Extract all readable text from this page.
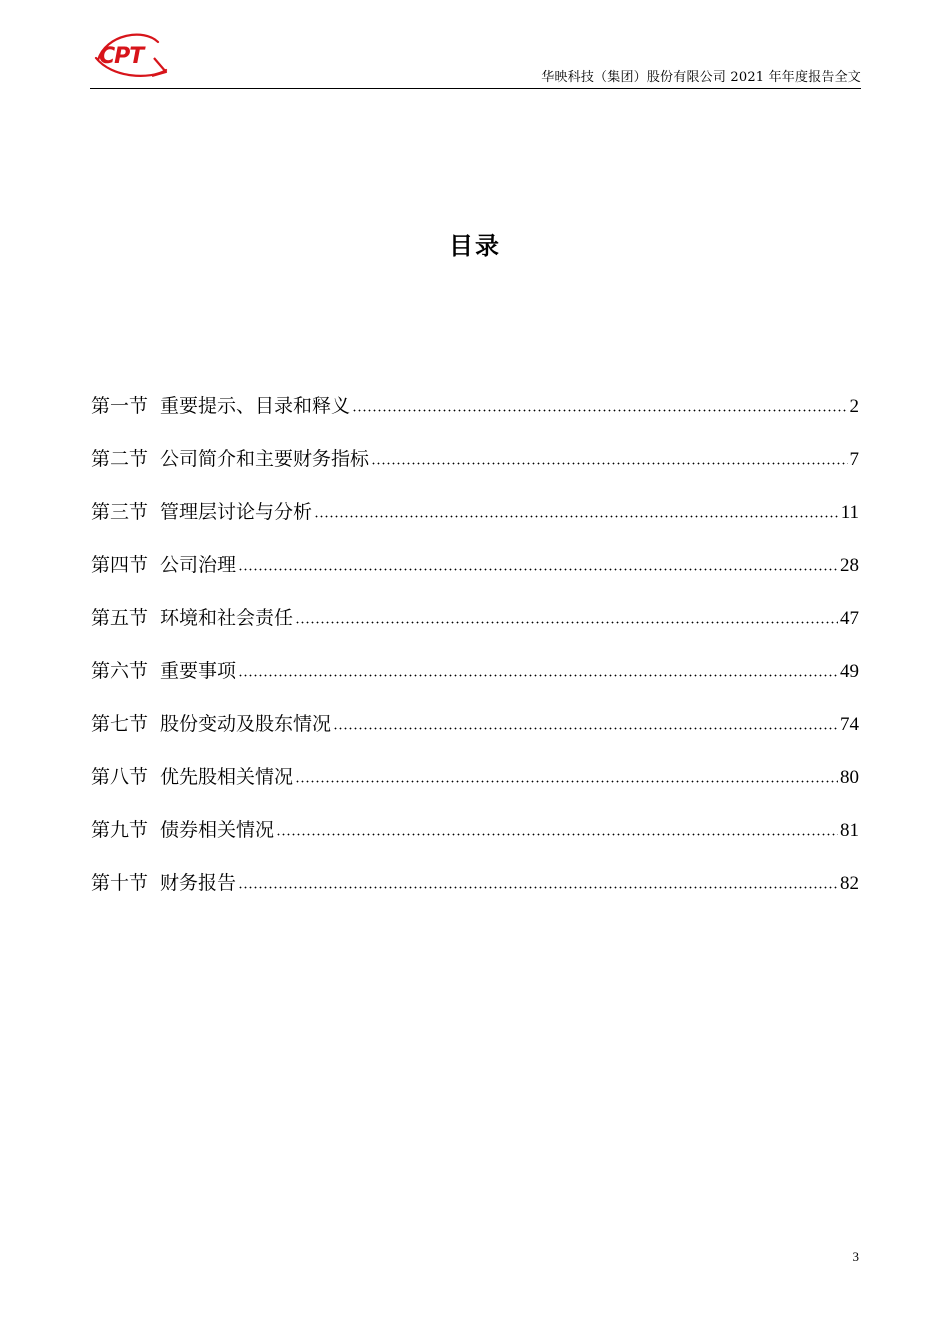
CPT
华映科技（集团）股份有限公司 2021 年年度报告全文
目录
第一节 重要提示、目录和释义	2
第二节 公司简介和主要财务指标	7
第三节 管理层讨论与分析	11
第四节 公司治理	28
第五节 环境和社会责任	47
第六节 重要事项	49
第七节 股份变动及股东情况	74
第八节 优先股相关情况	80
第九节 债券相关情况	81
第十节 财务报告	82
3
